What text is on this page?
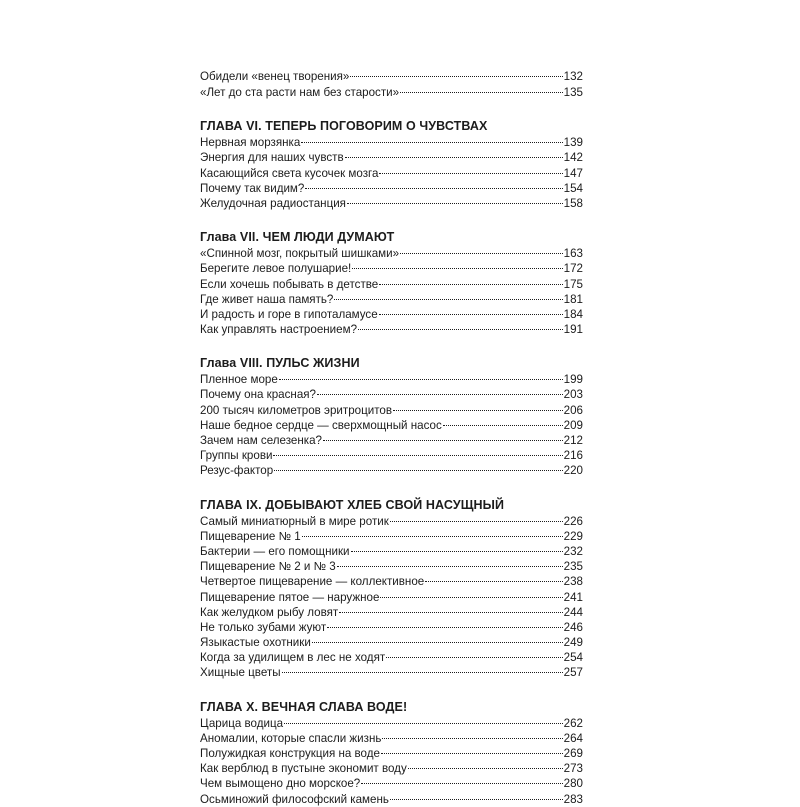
Обидели «венец творения»	132
«Лет до ста расти нам без старости»	135
ГЛАВА VI. ТЕПЕРЬ ПОГОВОРИМ О ЧУВСТВАХ
Нервная морзянка	139
Энергия для наших чувств	142
Касающийся света кусочек мозга	147
Почему так видим?	154
Желудочная радиостанция	158
Глава VII. ЧЕМ ЛЮДИ ДУМАЮТ
«Спинной мозг, покрытый шишками»	163
Берегите левое полушарие!	172
Если хочешь побывать в детстве	175
Где живет наша память?	181
И радость и горе в гипоталамусе	184
Как управлять настроением?	191
Глава VIII. ПУЛЬС ЖИЗНИ
Пленное море	199
Почему она красная?	203
200 тысяч километров эритроцитов	206
Наше бедное сердце — сверхмощный насос	209
Зачем нам селезенка?	212
Группы крови	216
Резус-фактор	220
ГЛАВА IX. ДОБЫВАЮТ ХЛЕБ СВОЙ НАСУЩНЫЙ
Самый миниатюрный в мире ротик	226
Пищеварение № 1	229
Бактерии — его помощники	232
Пищеварение № 2 и № 3	235
Четвертое пищеварение — коллективное	238
Пищеварение пятое — наружное	241
Как желудком рыбу ловят	244
Не только зубами жуют	246
Языкастые охотники	249
Когда за удилищем в лес не ходят	254
Хищные цветы	257
ГЛАВА X. ВЕЧНАЯ СЛАВА ВОДЕ!
Царица водица	262
Аномалии, которые спасли жизнь	264
Полужидкая конструкция на воде	269
Как верблюд в пустыне экономит воду	273
Чем вымощено дно морское?	280
Осьминожий философский камень	283
